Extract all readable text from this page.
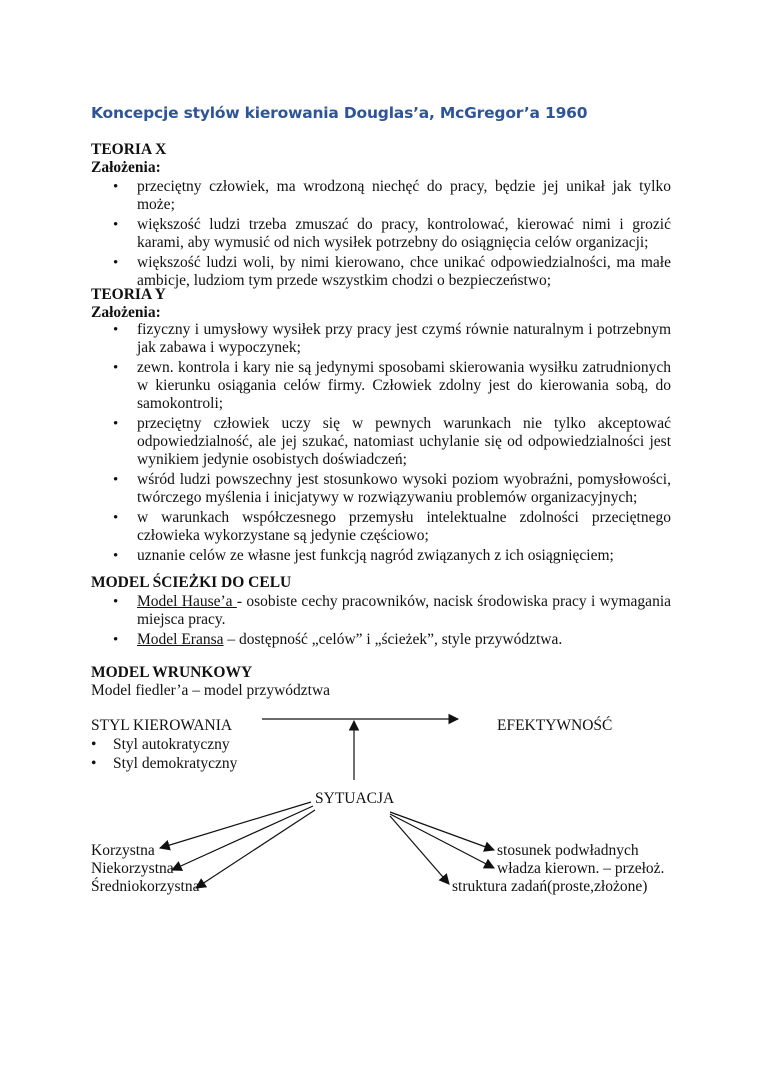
Koncepcje stylów kierowania Douglas’a, McGregor’a 1960
TEORIA X
Założenia:
• przeciętny człowiek, ma wrodzoną niechęć do pracy, będzie jej unikał jak tylko może;
• większość ludzi trzeba zmuszać do pracy, kontrolować, kierować nimi i grozić karami, aby wymusić od nich wysiłek potrzebny do osiągnięcia celów organizacji;
• większość ludzi woli, by nimi kierowano, chce unikać odpowiedzialności, ma małe ambicje, ludziom tym przede wszystkim chodzi o bezpieczeństwo;
TEORIA Y
Założenia:
• fizyczny i umysłowy wysiłek przy pracy jest czymś równie naturalnym i potrzebnym jak zabawa i wypoczynek;
• zewn. kontrola i kary nie są jedynymi sposobami skierowania wysiłku zatrudnionych w kierunku osiągania celów firmy. Człowiek zdolny jest do kierowania sobą, do samokontroli;
• przeciętny człowiek uczy się w pewnych warunkach nie tylko akceptować odpowiedzialność, ale jej szukać, natomiast uchylanie się od odpowiedzialności jest wynikiem jedynie osobistych doświadczeń;
• wśród ludzi powszechny jest stosunkowo wysoki poziom wyobraźni, pomysłowości, twórczego myślenia i inicjatywy w rozwiązywaniu problemów organizacyjnych;
• w warunkach współczesnego przemysłu intelektualne zdolności przeciętnego człowieka wykorzystane są jedynie częściowo;
• uznanie celów ze własne jest funkcją nagród związanych z ich osiągnięciem;
MODEL ŚCIEŻKI DO CELU
• Model Hause’a - osobiste cechy pracowników, nacisk środowiska pracy i wymagania miejsca pracy.
• Model Eransa – dostępność „celów” i „ścieżek”, style przywództwa.
MODEL WRUNKOWY
Model fiedler’a – model przywództwa
STYL KIEROWANIA
• Styl autokratyczny
• Styl demokratyczny
EFEKTYWNOŚĆ
SYTUACJA
Korzystna
Niekorzystna
Średniokorzystna
stosunek podwładnych
władza kierown. – przełoż.
struktura zadań(proste,złożone)
